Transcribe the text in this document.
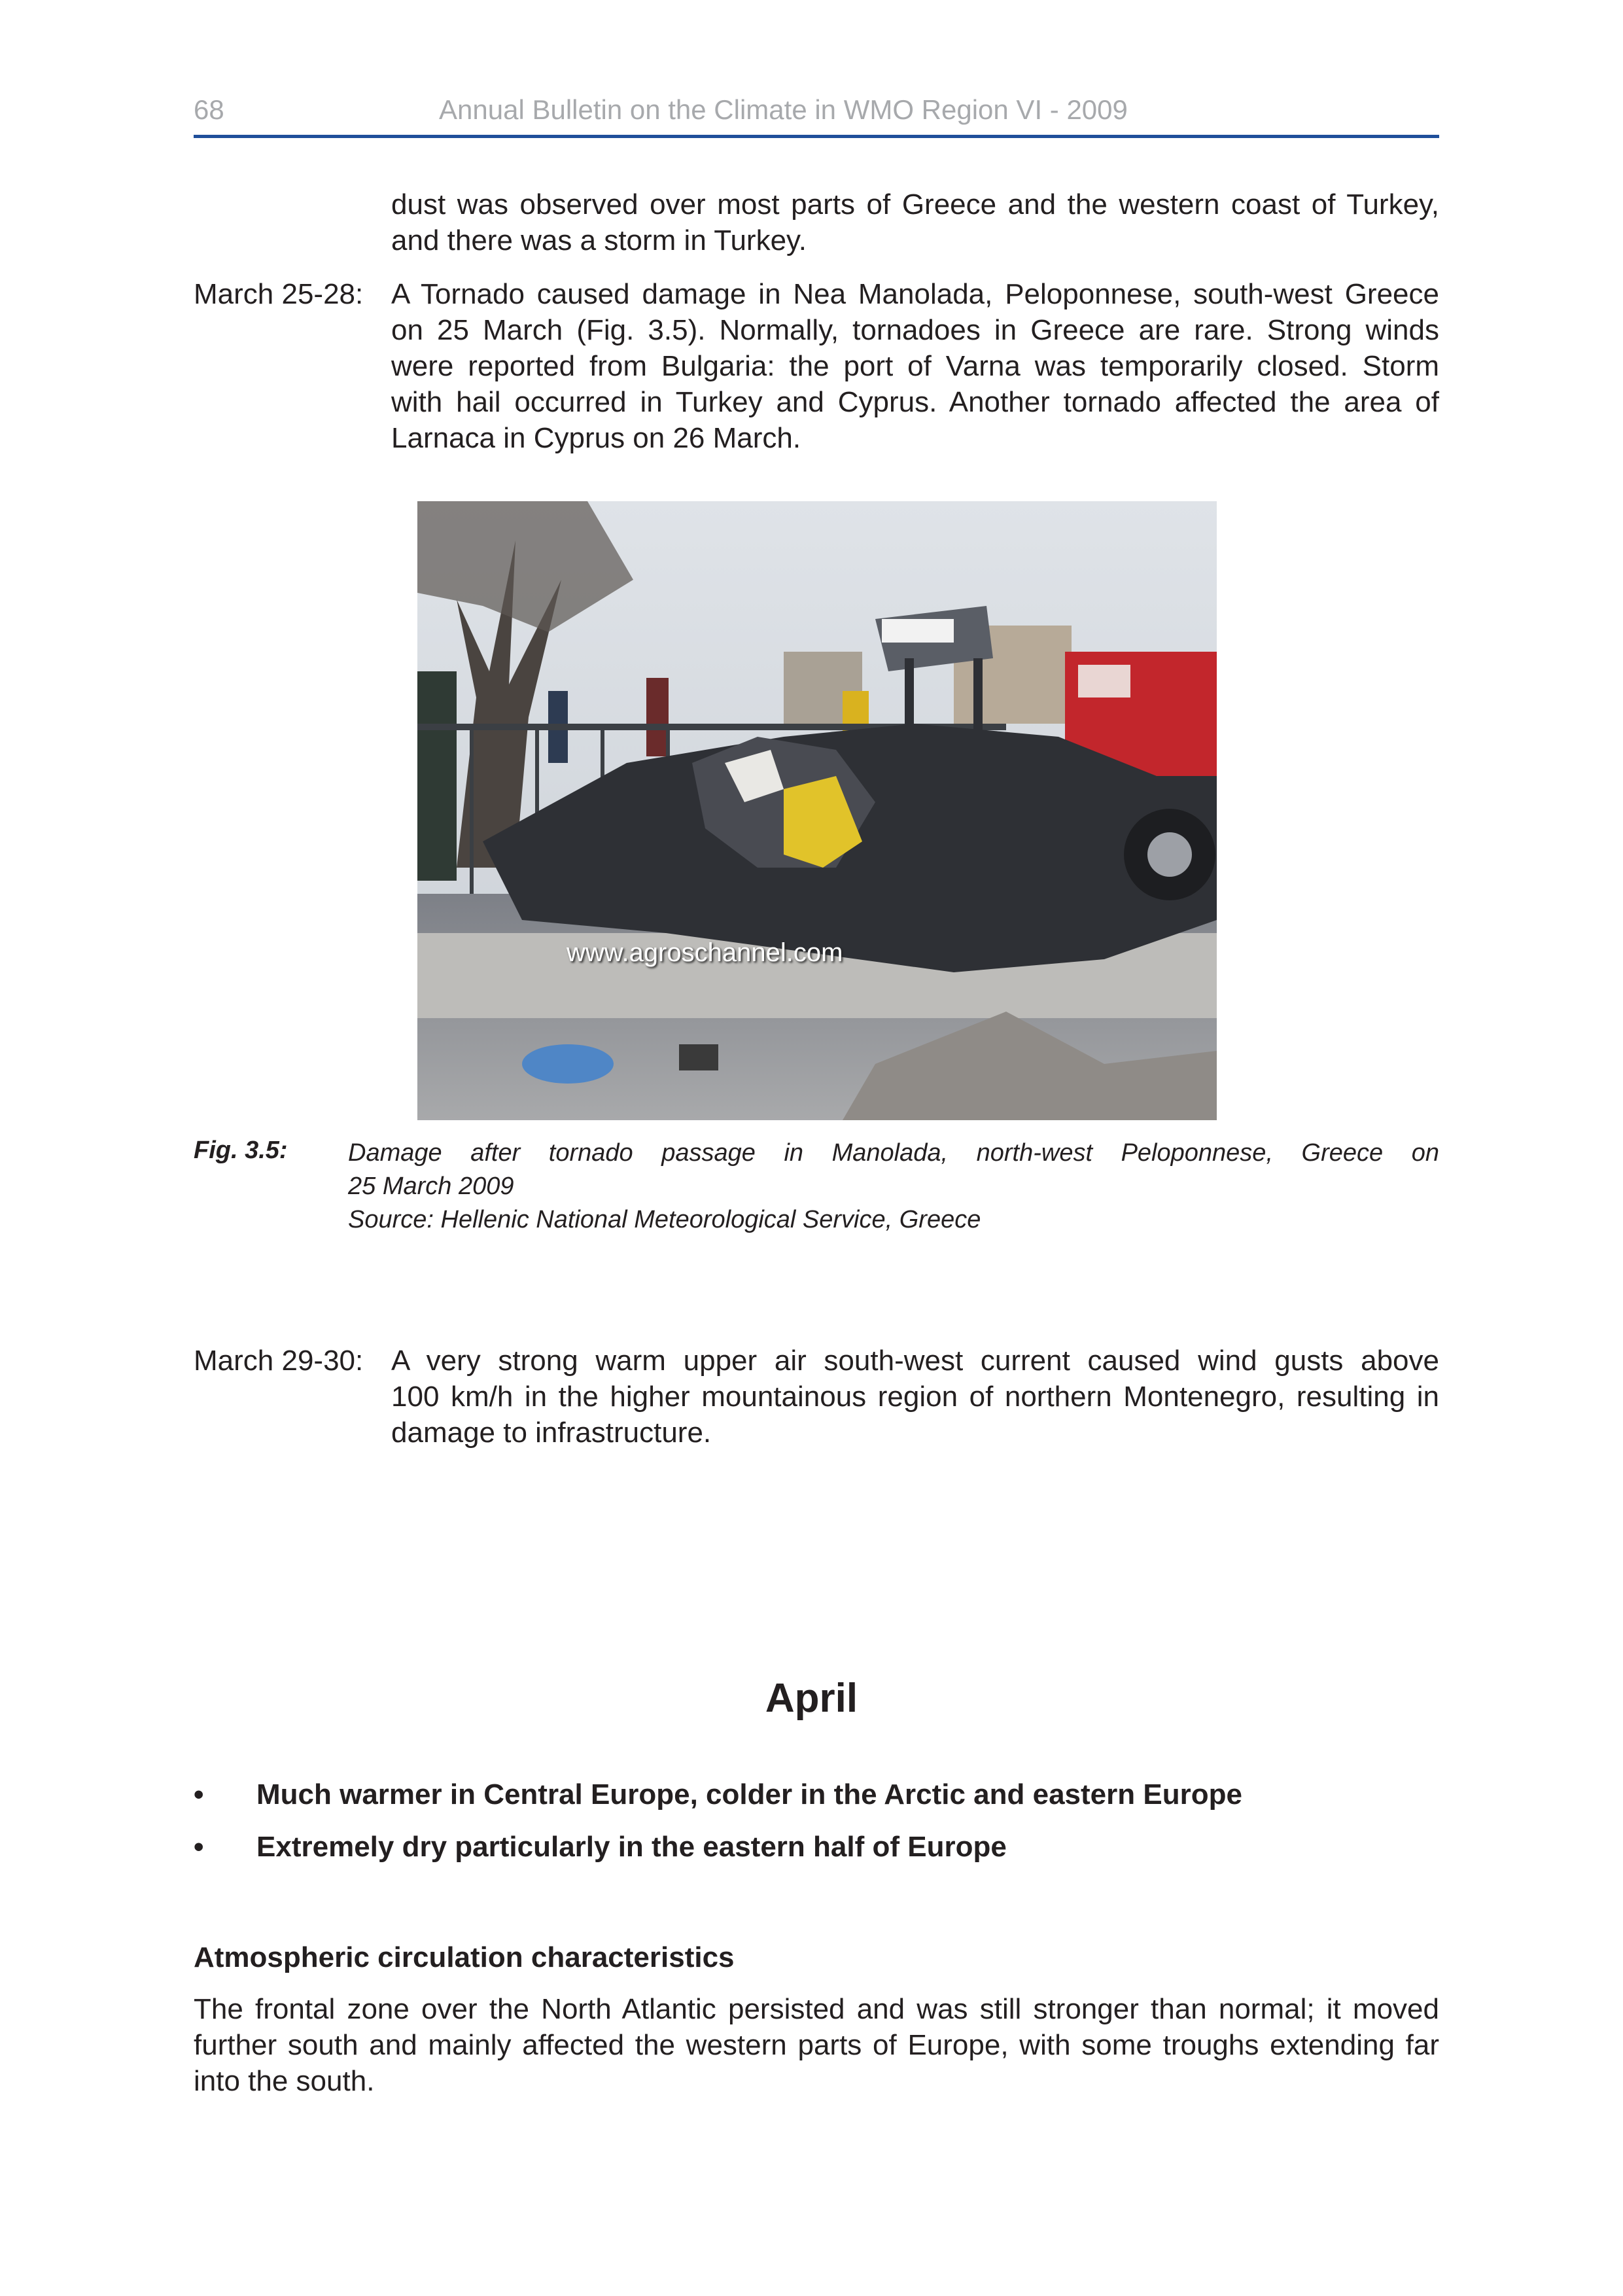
68	Annual Bulletin on the Climate in WMO Region VI - 2009
dust was observed over most parts of Greece and the western coast of Turkey,
and there was a storm in Turkey.
March 25-28: A Tornado caused damage in Nea Manolada, Peloponnese, south-west Greece
on 25 March (Fig. 3.5). Normally, tornadoes in Greece are rare. Strong winds
were reported from Bulgaria: the port of Varna was temporarily closed. Storm
with hail occurred in Turkey and Cyprus. Another tornado affected the area of
Larnaca in Cyprus on 26 March.
www.agroschannel.com
Fig. 3.5: Damage after tornado passage in Manolada, north-west Peloponnese, Greece on
25 March 2009
Source: Hellenic National Meteorological Service, Greece
March 29-30: A very strong warm upper air south-west current caused wind gusts above
100 km/h in the higher mountainous region of northern Montenegro, resulting in
damage to infrastructure.
April
• Much warmer in Central Europe, colder in the Arctic and eastern Europe
• Extremely dry particularly in the eastern half of Europe
Atmospheric circulation characteristics
The frontal zone over the North Atlantic persisted and was still stronger than normal; it moved
further south and mainly affected the western parts of Europe, with some troughs extending far
into the south.
